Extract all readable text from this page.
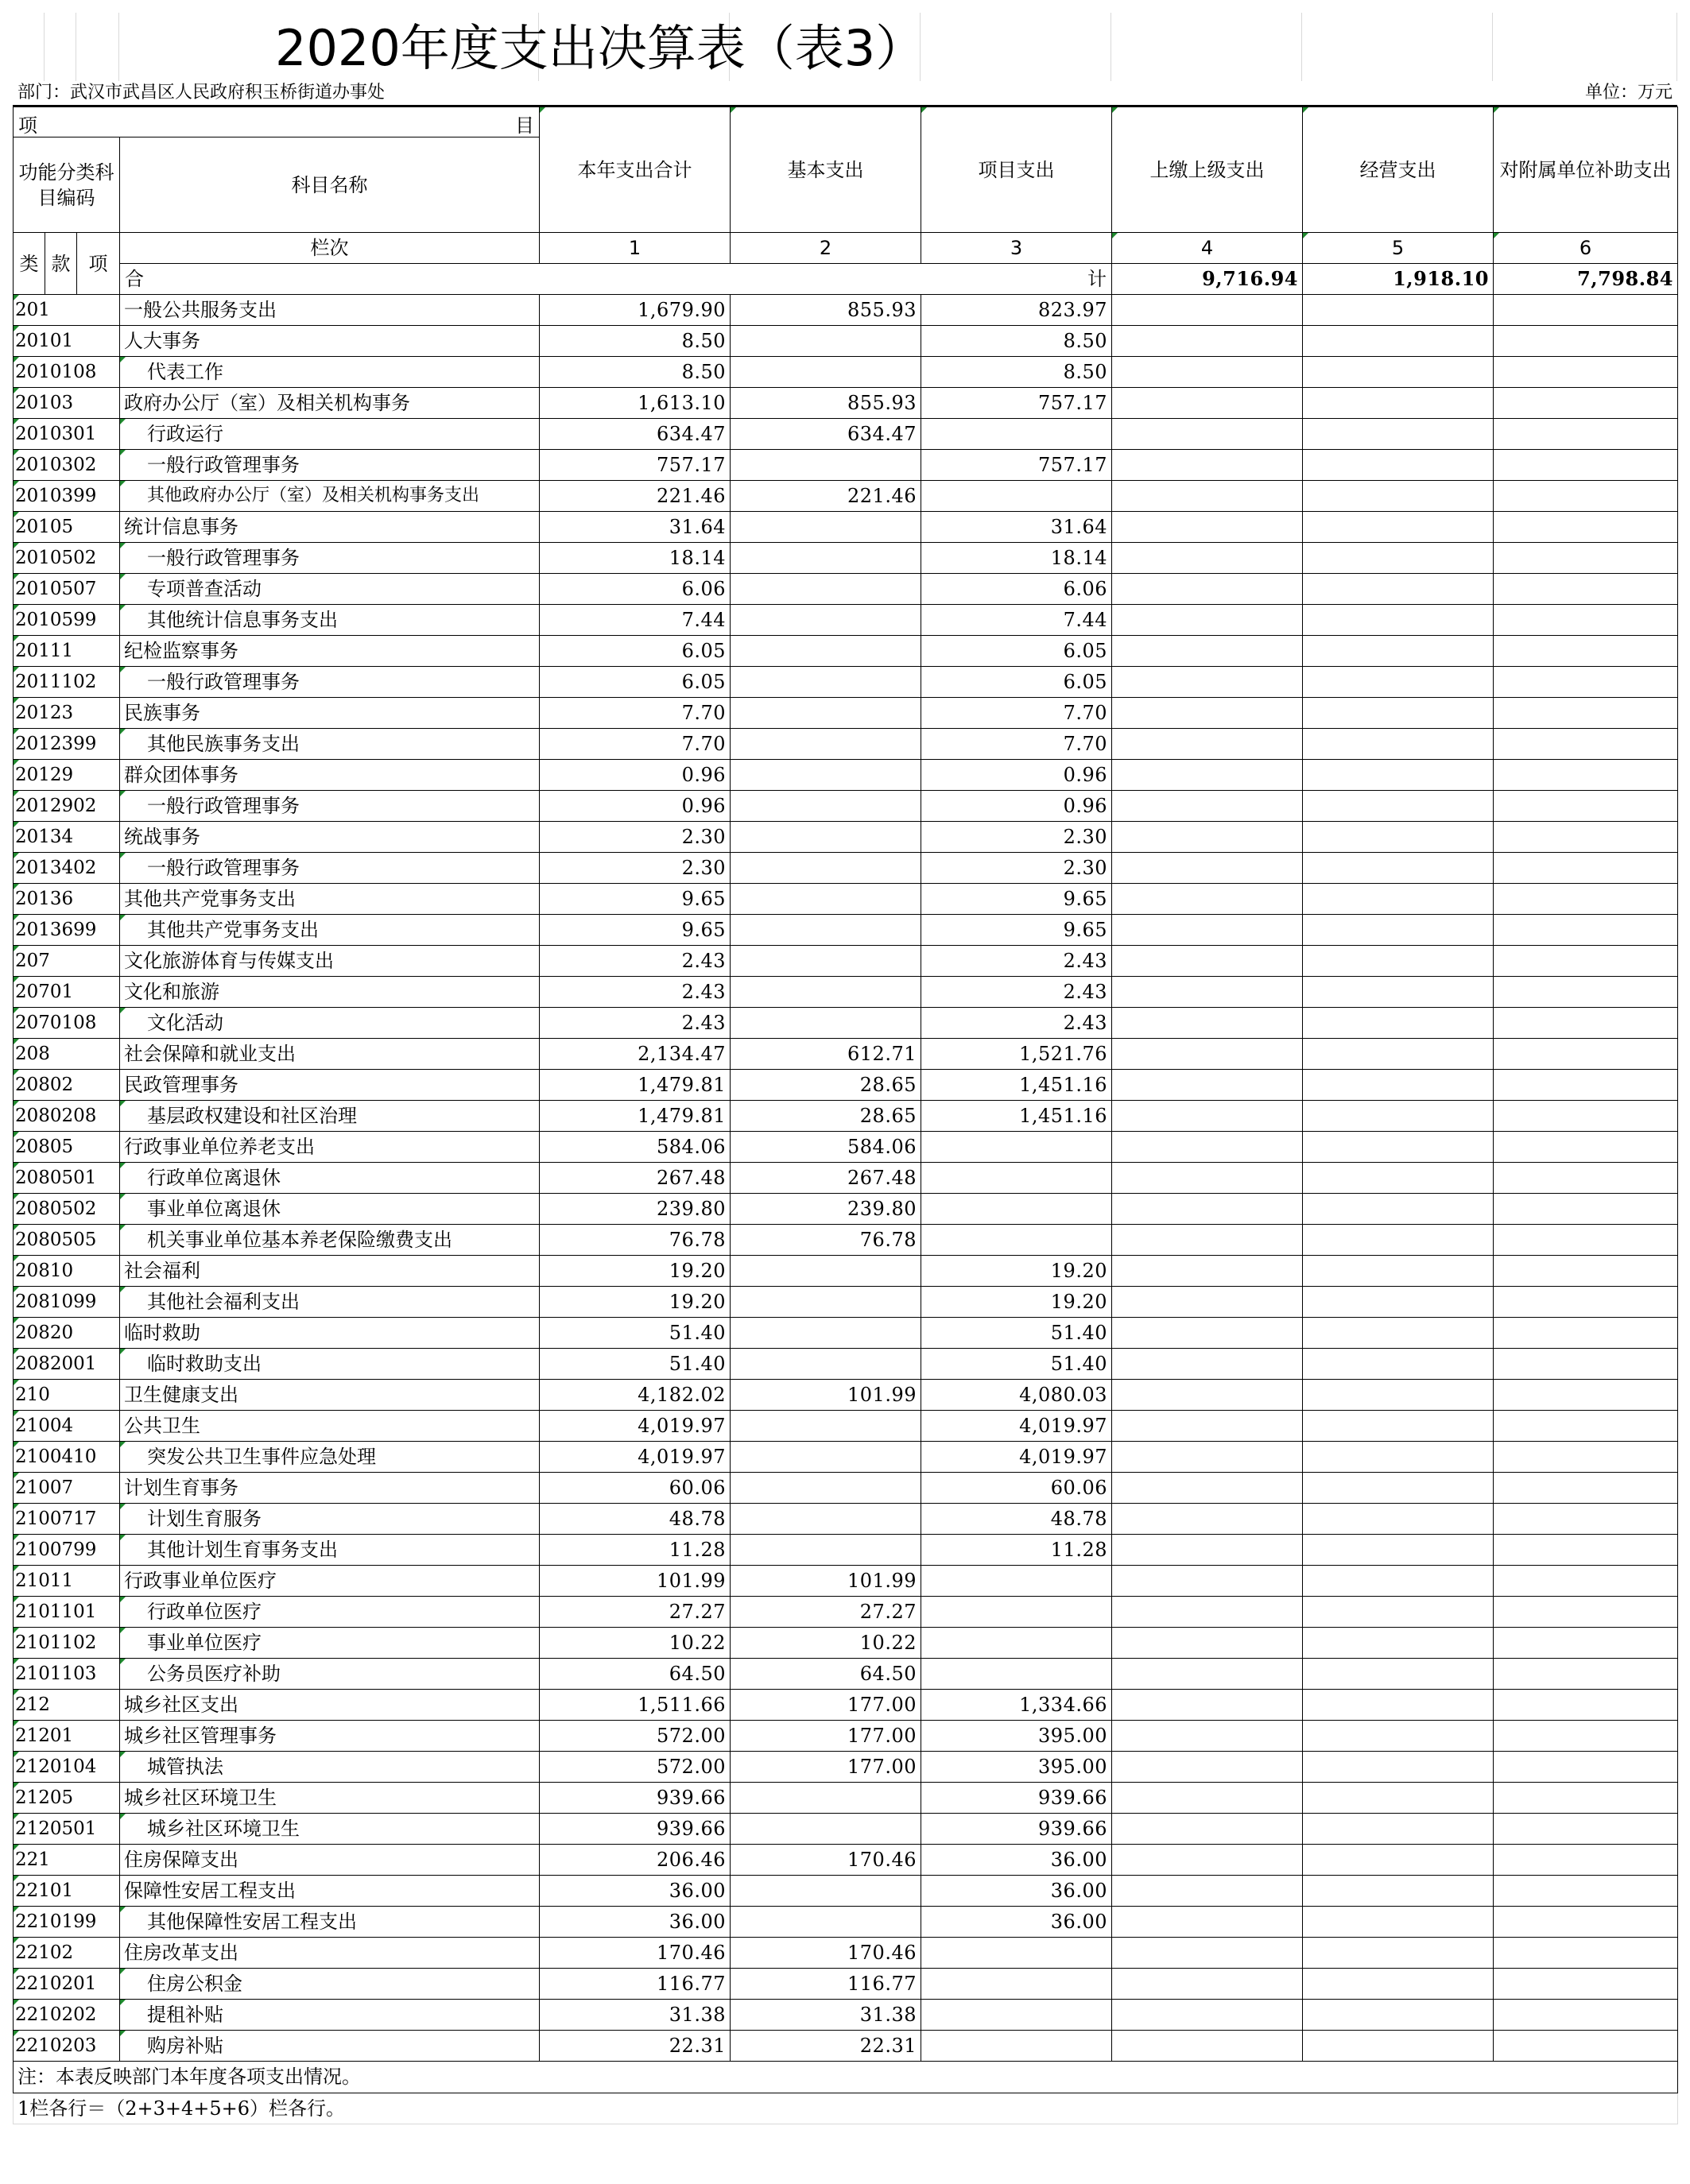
2020年度支出决算表（表3）
部门：武汉市武昌区人民政府积玉桥街道办事处	单位：万元
项 目				本年支出合计	基本支出	项目支出	上缴上级支出	经营支出	对附属单位补助支出	
功能分类科目编码			科目名称							

类	款	项	栏次	1	2	3	4	5	6	

			合 计				9,716.94	1,918.10	7,798.84			
201			一般公共服务支出	1,679.90	855.93	823.97				
20101			人大事务	8.50		8.50				
2010108			代表工作	8.50		8.50				
20103			政府办公厅（室）及相关机构事务	1,613.10	855.93	757.17				
2010301			行政运行	634.47	634.47					
2010302			一般行政管理事务	757.17		757.17				
2010399			其他政府办公厅（室）及相关机构事务支出	221.46	221.46					
20105			统计信息事务	31.64		31.64				
2010502			一般行政管理事务	18.14		18.14				
2010507			专项普查活动	6.06		6.06				
2010599			其他统计信息事务支出	7.44		7.44				
20111			纪检监察事务	6.05		6.05				
2011102			一般行政管理事务	6.05		6.05				
20123			民族事务	7.70		7.70				
2012399			其他民族事务支出	7.70		7.70				
20129			群众团体事务	0.96		0.96				
2012902			一般行政管理事务	0.96		0.96				
20134			统战事务	2.30		2.30				
2013402			一般行政管理事务	2.30		2.30				
20136			其他共产党事务支出	9.65		9.65				
2013699			其他共产党事务支出	9.65		9.65				
207			文化旅游体育与传媒支出	2.43		2.43				
20701			文化和旅游	2.43		2.43				
2070108			文化活动	2.43		2.43				
208			社会保障和就业支出	2,134.47	612.71	1,521.76				
20802			民政管理事务	1,479.81	28.65	1,451.16				
2080208			基层政权建设和社区治理	1,479.81	28.65	1,451.16				
20805			行政事业单位养老支出	584.06	584.06					
2080501			行政单位离退休	267.48	267.48					
2080502			事业单位离退休	239.80	239.80					
2080505			机关事业单位基本养老保险缴费支出	76.78	76.78					
20810			社会福利	19.20		19.20				
2081099			其他社会福利支出	19.20		19.20				
20820			临时救助	51.40		51.40				
2082001			临时救助支出	51.40		51.40				
210			卫生健康支出	4,182.02	101.99	4,080.03				
21004			公共卫生	4,019.97		4,019.97				
2100410			突发公共卫生事件应急处理	4,019.97		4,019.97				
21007			计划生育事务	60.06		60.06				
2100717			计划生育服务	48.78		48.78				
2100799			其他计划生育事务支出	11.28		11.28				
21011			行政事业单位医疗	101.99	101.99					
2101101			行政单位医疗	27.27	27.27					
2101102			事业单位医疗	10.22	10.22					
2101103			公务员医疗补助	64.50	64.50					
212			城乡社区支出	1,511.66	177.00	1,334.66				
21201			城乡社区管理事务	572.00	177.00	395.00				
2120104			城管执法	572.00	177.00	395.00				
21205			城乡社区环境卫生	939.66		939.66				
2120501			城乡社区环境卫生	939.66		939.66				
221			住房保障支出	206.46	170.46	36.00				
22101			保障性安居工程支出	36.00		36.00				
2210199			其他保障性安居工程支出	36.00		36.00				
22102			住房改革支出	170.46	170.46					
2210201			住房公积金	116.77	116.77					
2210202			提租补贴	31.38	31.38					
2210203			购房补贴	22.31	22.31					
注：本表反映部门本年度各项支出情况。
1栏各行＝（2+3+4+5+6）栏各行。
